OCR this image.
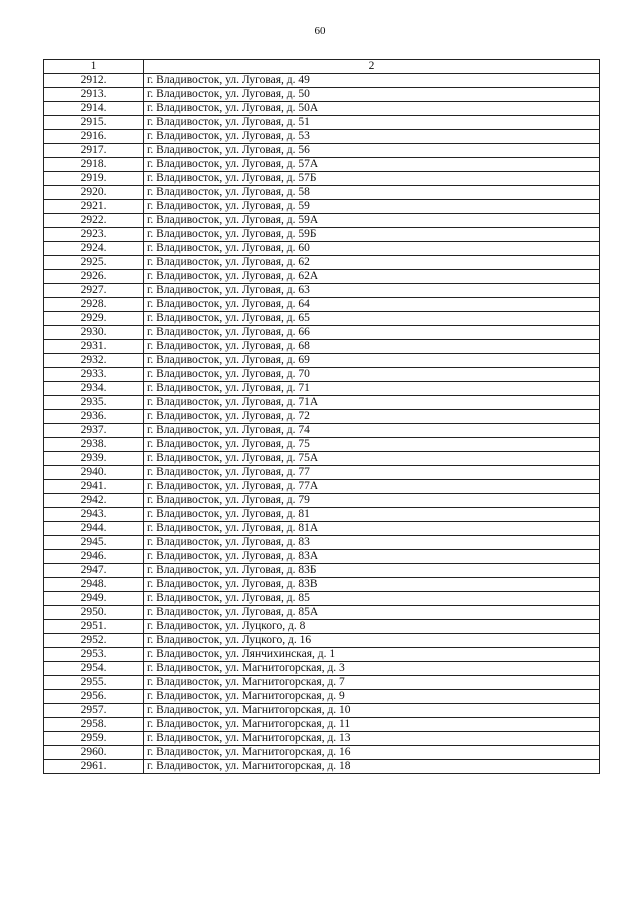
60
1	2
2912.	г. Владивосток, ул. Луговая, д. 49
2913.	г. Владивосток, ул. Луговая, д. 50
2914.	г. Владивосток, ул. Луговая, д. 50А
2915.	г. Владивосток, ул. Луговая, д. 51
2916.	г. Владивосток, ул. Луговая, д. 53
2917.	г. Владивосток, ул. Луговая, д. 56
2918.	г. Владивосток, ул. Луговая, д. 57А
2919.	г. Владивосток, ул. Луговая, д. 57Б
2920.	г. Владивосток, ул. Луговая, д. 58
2921.	г. Владивосток, ул. Луговая, д. 59
2922.	г. Владивосток, ул. Луговая, д. 59А
2923.	г. Владивосток, ул. Луговая, д. 59Б
2924.	г. Владивосток, ул. Луговая, д. 60
2925.	г. Владивосток, ул. Луговая, д. 62
2926.	г. Владивосток, ул. Луговая, д. 62А
2927.	г. Владивосток, ул. Луговая, д. 63
2928.	г. Владивосток, ул. Луговая, д. 64
2929.	г. Владивосток, ул. Луговая, д. 65
2930.	г. Владивосток, ул. Луговая, д. 66
2931.	г. Владивосток, ул. Луговая, д. 68
2932.	г. Владивосток, ул. Луговая, д. 69
2933.	г. Владивосток, ул. Луговая, д. 70
2934.	г. Владивосток, ул. Луговая, д. 71
2935.	г. Владивосток, ул. Луговая, д. 71А
2936.	г. Владивосток, ул. Луговая, д. 72
2937.	г. Владивосток, ул. Луговая, д. 74
2938.	г. Владивосток, ул. Луговая, д. 75
2939.	г. Владивосток, ул. Луговая, д. 75А
2940.	г. Владивосток, ул. Луговая, д. 77
2941.	г. Владивосток, ул. Луговая, д. 77А
2942.	г. Владивосток, ул. Луговая, д. 79
2943.	г. Владивосток, ул. Луговая, д. 81
2944.	г. Владивосток, ул. Луговая, д. 81А
2945.	г. Владивосток, ул. Луговая, д. 83
2946.	г. Владивосток, ул. Луговая, д. 83А
2947.	г. Владивосток, ул. Луговая, д. 83Б
2948.	г. Владивосток, ул. Луговая, д. 83В
2949.	г. Владивосток, ул. Луговая, д. 85
2950.	г. Владивосток, ул. Луговая, д. 85А
2951.	г. Владивосток, ул. Луцкого, д. 8
2952.	г. Владивосток, ул. Луцкого, д. 16
2953.	г. Владивосток, ул. Лянчихинская, д. 1
2954.	г. Владивосток, ул. Магнитогорская, д. 3
2955.	г. Владивосток, ул. Магнитогорская, д. 7
2956.	г. Владивосток, ул. Магнитогорская, д. 9
2957.	г. Владивосток, ул. Магнитогорская, д. 10
2958.	г. Владивосток, ул. Магнитогорская, д. 11
2959.	г. Владивосток, ул. Магнитогорская, д. 13
2960.	г. Владивосток, ул. Магнитогорская, д. 16
2961.	г. Владивосток, ул. Магнитогорская, д. 18
